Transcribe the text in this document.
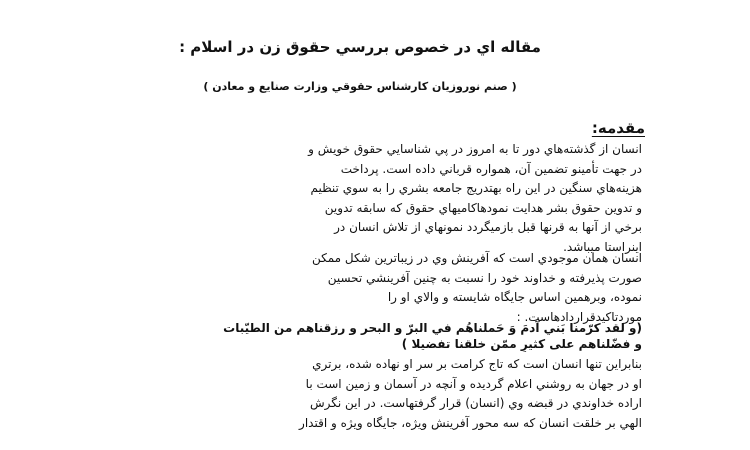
مقاله اي در خصوص بررسي حقوق زن در اسلام :
( صنم نوروزيان كارشناس حقوقي وزارت صنايع و معادن )
مقدمه:
انسان از گذشته‌هاي دور تا به امروز در پي شناسايي حقوق خويش و
در جهت تأمينو تضمين آن، همواره قرباني داده است. پرداخت
هزينه‌هاي سنگين در اين راه بهتدريج جامعه بشري را به سوي تنظيم
و تدوين حقوق بشر هدايت نمودهاكاميهاي حقوق كه سابقه تدوين
برخي از آنها به قرنها قبل بازميگردد نمونهاي از تلاش انسان در
اينراستا ميباشد.
انسان همان موجودي است كه آفرينش وي در زيباترين شكل ممكن
صورت پذيرفته و خداوند خود را نسبت به چنين آفرينشي تحسين
نموده، وبرهمين اساس جايگاه شايسته و والاي او را
موردتاكيدقراردادهاست. :
(و لقد كرّمنا بَني آدمَ وَ حَملناهُم في البرّ و البحر و رزقناهم من الطيّبات
و فضّلناهم على كثيرٍ ممّن خلقنا تفضيلا )
بنابراين تنها انسان است كه تاج كرامت بر سر او نهاده شده، برتري
او در جهان به روشني اعلام گرديده و آنچه در آسمان و زمين است با
اراده خداوندي در قبضه وي (انسان) قرار گرفتهاست. در اين نگرش
الهي بر خلقت انسان كه سه محور آفرينش ويژه، جايگاه ويژه و اقتدار
